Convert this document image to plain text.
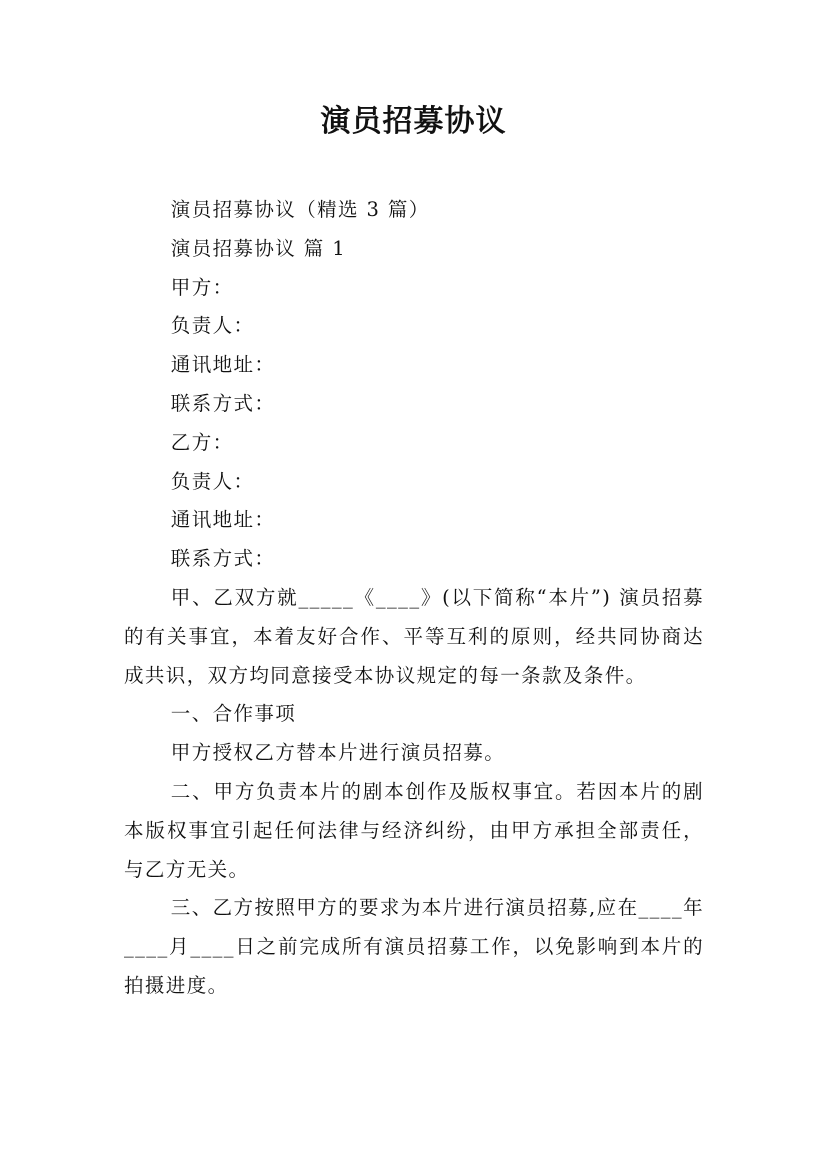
演员招募协议

演员招募协议（精选 3 篇）

演员招募协议 篇 1

甲方：

负责人：

通讯地址：

联系方式：

乙方：

负责人：

通讯地址：

联系方式：

甲、乙双方就_____《____》(以下简称“本片”) 演员招募的有关事宜，本着友好合作、平等互利的原则，经共同协商达成共识，双方均同意接受本协议规定的每一条款及条件。

一、合作事项

甲方授权乙方替本片进行演员招募。

二、甲方负责本片的剧本创作及版权事宜。若因本片的剧本版权事宜引起任何法律与经济纠纷，由甲方承担全部责任，与乙方无关。

三、乙方按照甲方的要求为本片进行演员招募,应在____年____月____日之前完成所有演员招募工作，以免影响到本片的拍摄进度。
